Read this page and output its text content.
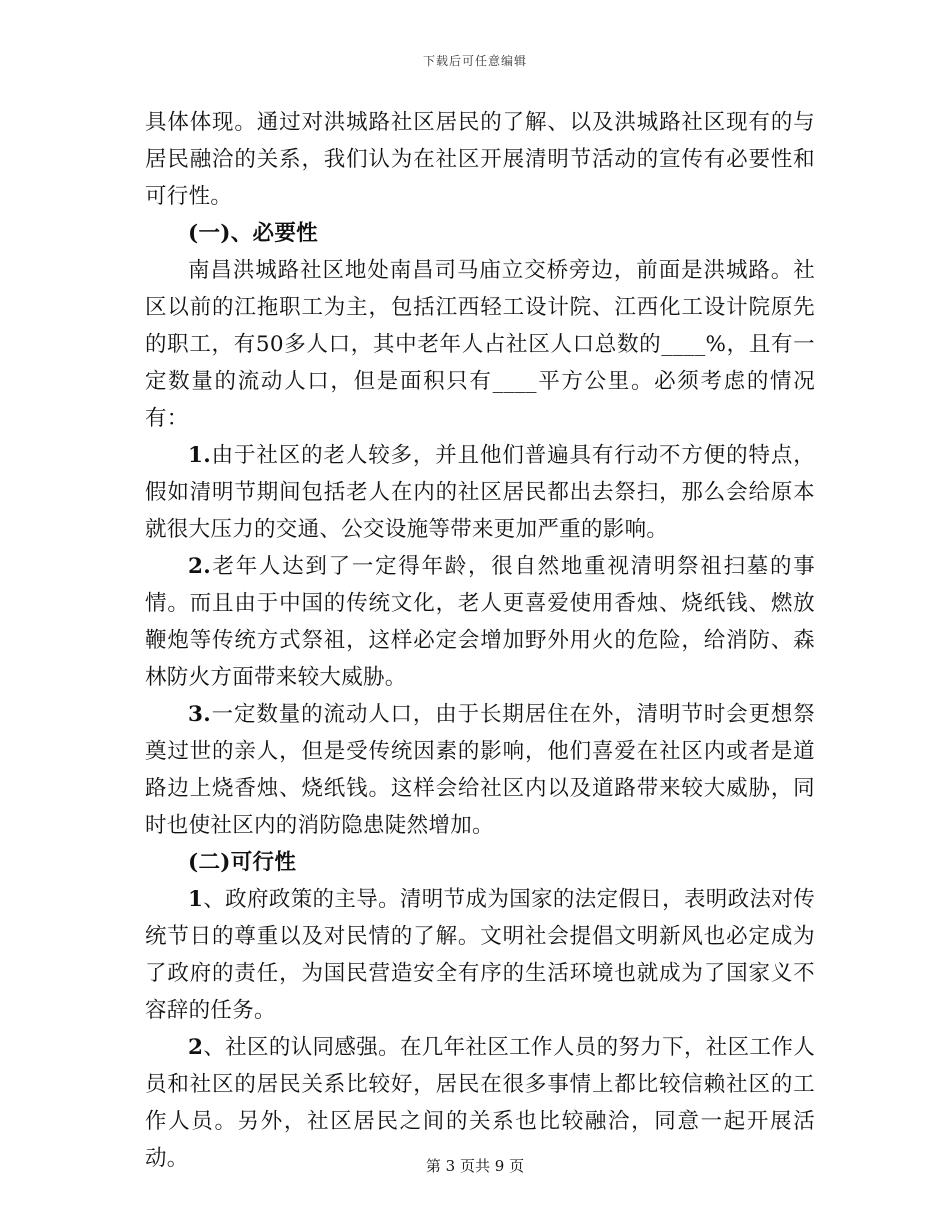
下载后可任意编辑

具体体现。通过对洪城路社区居民的了解、以及洪城路社区现有的与居民融洽的关系，我们认为在社区开展清明节活动的宣传有必要性和可行性。

(一)、必要性

南昌洪城路社区地处南昌司马庙立交桥旁边，前面是洪城路。社区以前的江拖职工为主，包括江西轻工设计院、江西化工设计院原先的职工，有50多人口，其中老年人占社区人口总数的____%，且有一定数量的流动人口，但是面积只有____平方公里。必须考虑的情况有：

1.由于社区的老人较多，并且他们普遍具有行动不方便的特点，假如清明节期间包括老人在内的社区居民都出去祭扫，那么会给原本就很大压力的交通、公交设施等带来更加严重的影响。

2.老年人达到了一定得年龄，很自然地重视清明祭祖扫墓的事情。而且由于中国的传统文化，老人更喜爱使用香烛、烧纸钱、燃放鞭炮等传统方式祭祖，这样必定会增加野外用火的危险，给消防、森林防火方面带来较大威胁。

3.一定数量的流动人口，由于长期居住在外，清明节时会更想祭奠过世的亲人，但是受传统因素的影响，他们喜爱在社区内或者是道路边上烧香烛、烧纸钱。这样会给社区内以及道路带来较大威胁，同时也使社区内的消防隐患陡然增加。

(二)可行性

1、政府政策的主导。清明节成为国家的法定假日，表明政法对传统节日的尊重以及对民情的了解。文明社会提倡文明新风也必定成为了政府的责任，为国民营造安全有序的生活环境也就成为了国家义不容辞的任务。

2、社区的认同感强。在几年社区工作人员的努力下，社区工作人员和社区的居民关系比较好，居民在很多事情上都比较信赖社区的工作人员。另外，社区居民之间的关系也比较融洽，同意一起开展活动。	第 3 页共 9 页
